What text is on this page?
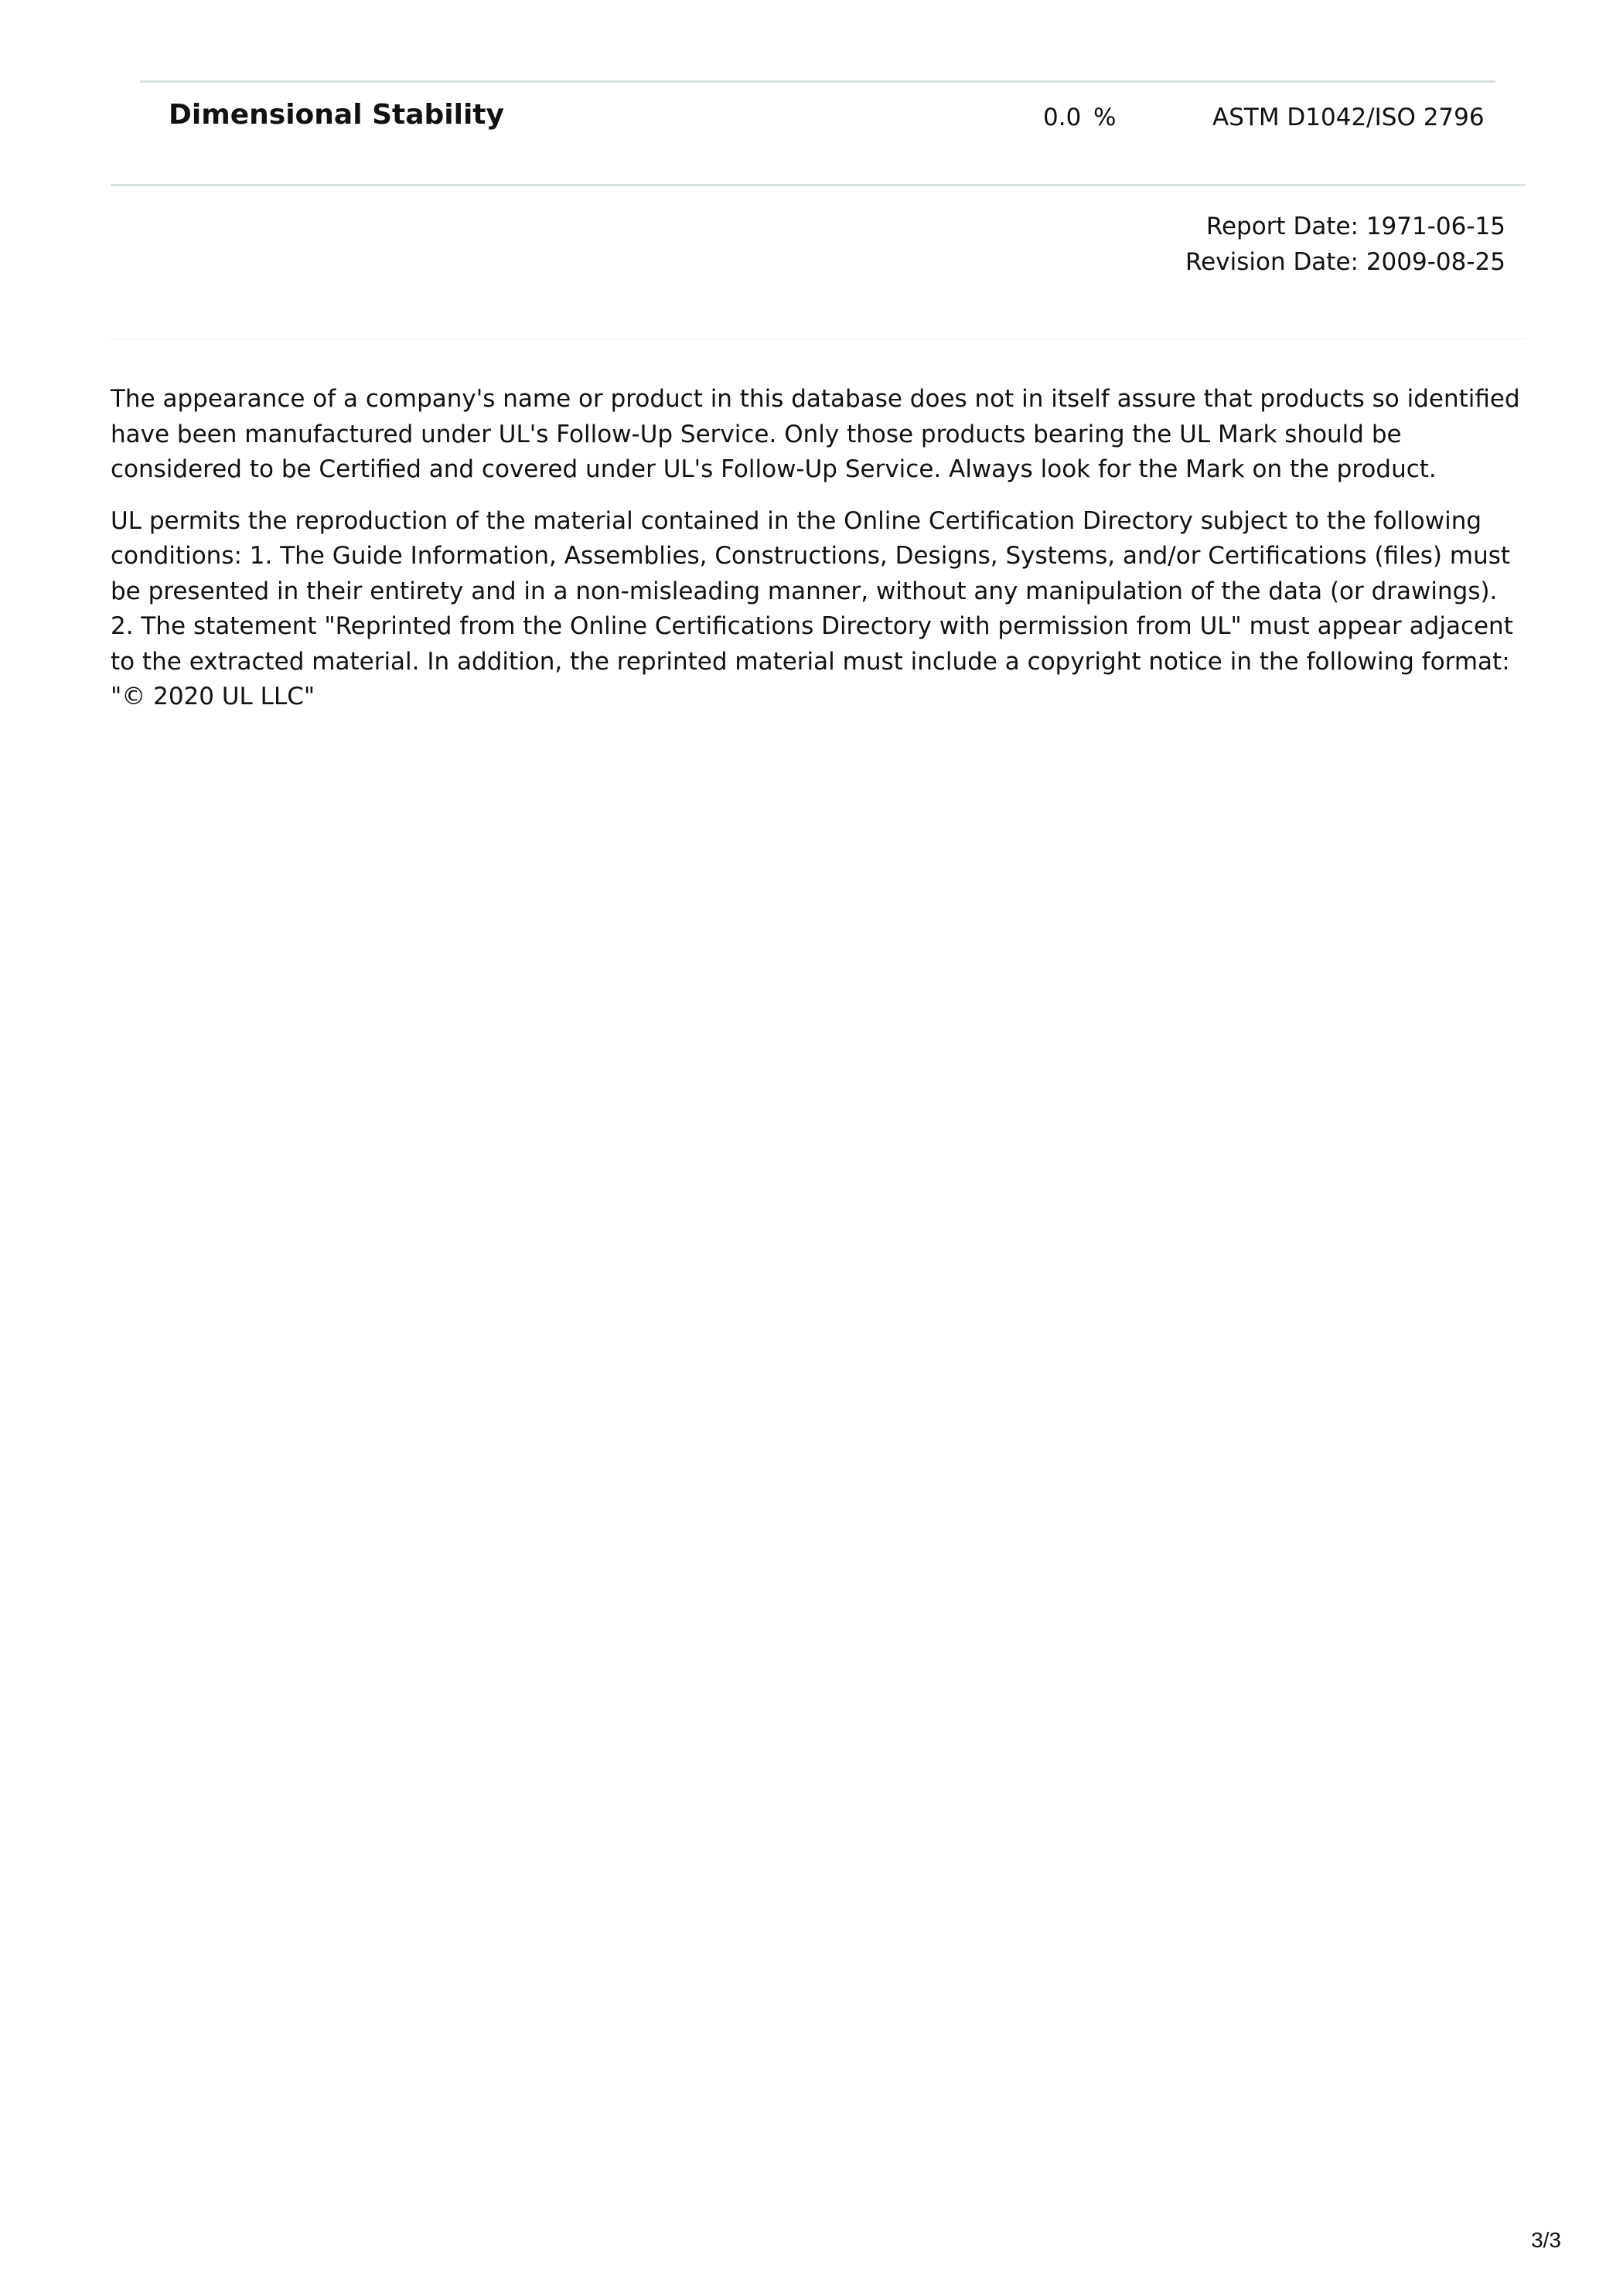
Dimensional Stability	0.0 %	ASTM D1042/ISO 2796
Report Date: 1971-06-15
Revision Date: 2009-08-25

The appearance of a company's name or product in this database does not in itself assure that products so identified have been manufactured under UL's Follow-Up Service. Only those products bearing the UL Mark should be considered to be Certified and covered under UL's Follow-Up Service. Always look for the Mark on the product.

UL permits the reproduction of the material contained in the Online Certification Directory subject to the following conditions: 1. The Guide Information, Assemblies, Constructions, Designs, Systems, and/or Certifications (files) must be presented in their entirety and in a non-misleading manner, without any manipulation of the data (or drawings). 2. The statement "Reprinted from the Online Certifications Directory with permission from UL" must appear adjacent to the extracted material. In addition, the reprinted material must include a copyright notice in the following format: "© 2020 UL LLC"

3/3
